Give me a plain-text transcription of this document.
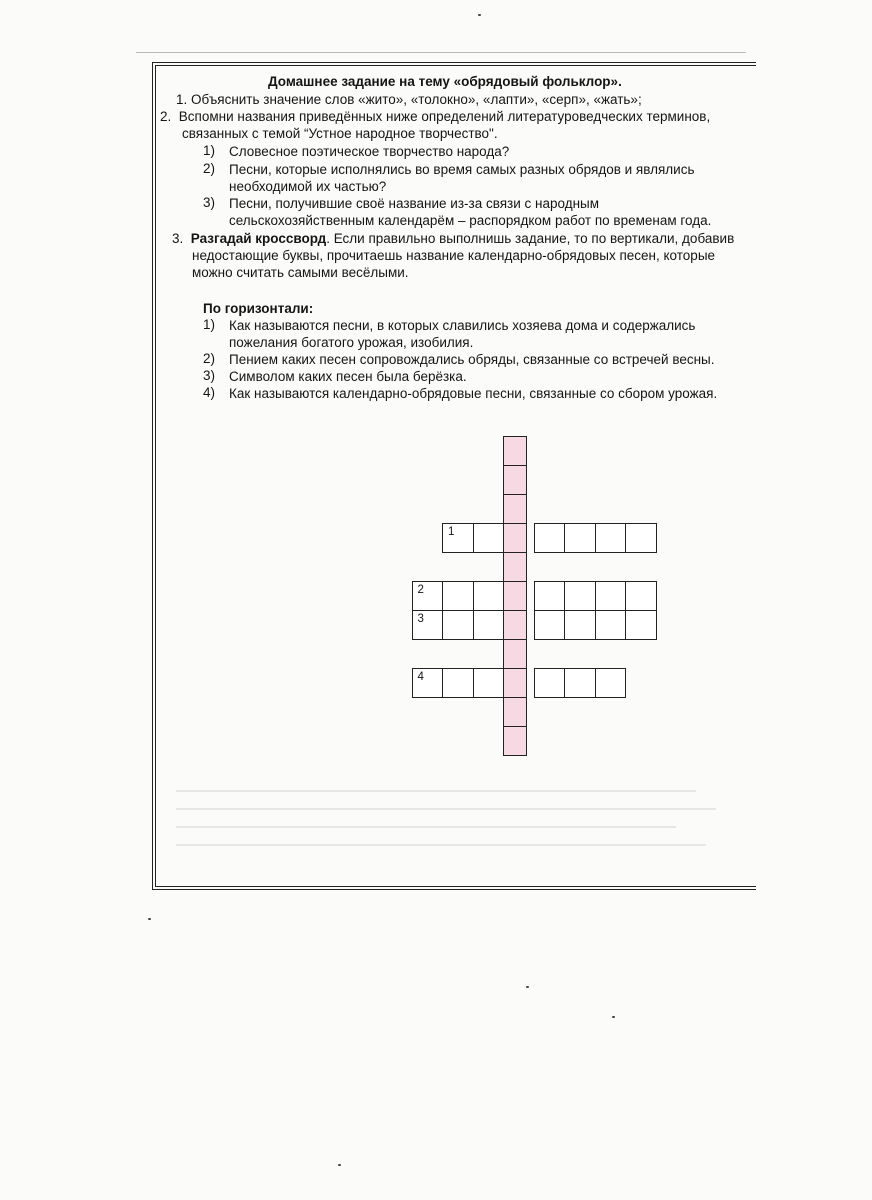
Домашнее задание на тему «обрядовый фольклор».
1. Объяснить значение слов «жито», «толокно», «лапти», «серп», «жать»;
2. Вспомни названия приведённых ниже определений литературоведческих терминов,
связанных с темой “Устное народное творчество".
1) Словесное поэтическое творчество народа?
2) Песни, которые исполнялись во время самых разных обрядов и являлись
необходимой их частью?
3) Песни, получившие своё название из-за связи с народным
сельскохозяйственным календарём – распорядком работ по временам года.
3. Разгадай кроссворд. Если правильно выполнишь задание, то по вертикали, добавив
недостающие буквы, прочитаешь название календарно-обрядовых песен, которые
можно считать самыми весёлыми.
По горизонтали:
1) Как называются песни, в которых славились хозяева дома и содержались
пожелания богатого урожая, изобилия.
2) Пением каких песен сопровождались обряды, связанные со встречей весны.
3) Символом каких песен была берёзка.
4) Как называются календарно-обрядовые песни, связанные со сбором урожая.
1
2
3
4
